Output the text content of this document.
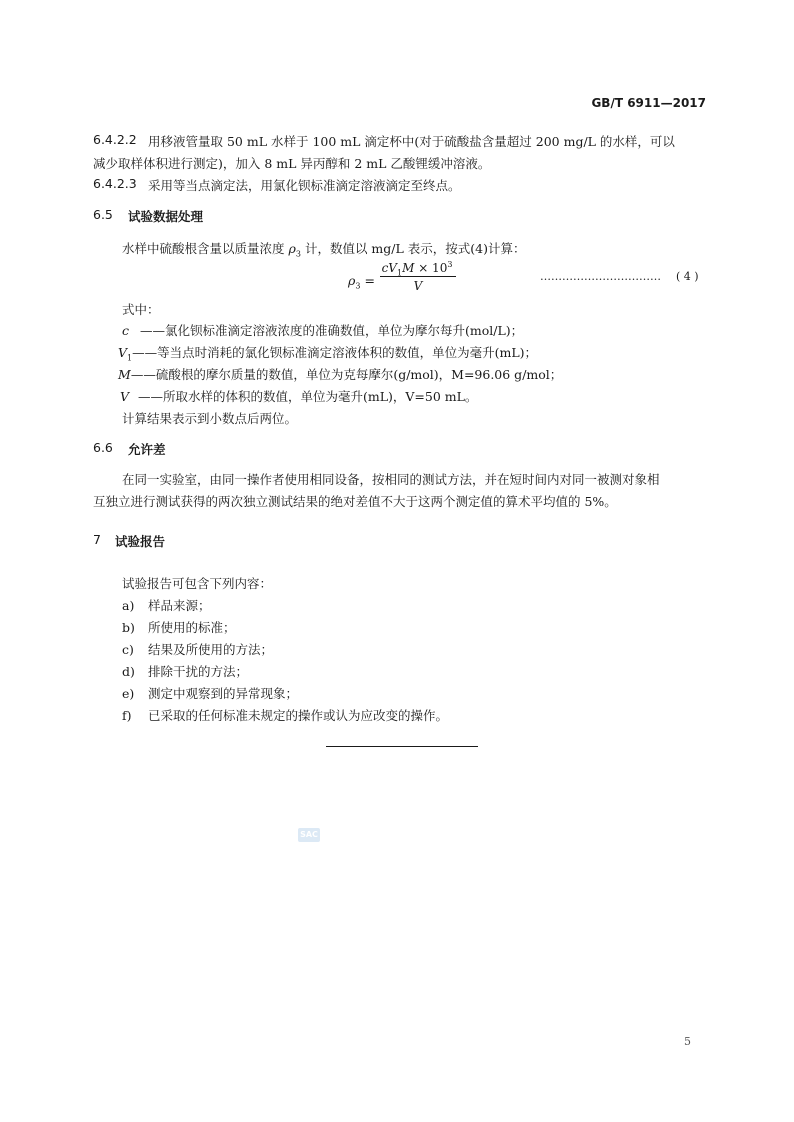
GB/T 6911—2017
6.4.2.2 用移液管量取 50 mL 水样于 100 mL 滴定杯中(对于硫酸盐含量超过 200 mg/L 的水样，可以
减少取样体积进行测定)，加入 8 mL 异丙醇和 2 mL 乙酸锂缓冲溶液。
6.4.2.3 采用等当点滴定法，用氯化钡标准滴定溶液滴定至终点。
6.5 试验数据处理
水样中硫酸根含量以质量浓度 $\rho_3$ 计，数值以 mg/L 表示，按式(4)计算：
$\rho_3$ =
$cV_1M \times 10^3$
V
…………………………… ( 4 )
式中：
c ——氯化钡标准滴定溶液浓度的准确数值，单位为摩尔每升(mol/L)；
$V_1——$等当点时消耗的氯化钡标准滴定溶液体积的数值，单位为毫升(mL)；
M——硫酸根的摩尔质量的数值，单位为克每摩尔(g/mol)，M=96.06 g/mol；
V ——所取水样的体积的数值，单位为毫升(mL)，V=50 mL。
计算结果表示到小数点后两位。
6.6 允许差
在同一实验室，由同一操作者使用相同设备，按相同的测试方法，并在短时间内对同一被测对象相
互独立进行测试获得的两次独立测试结果的绝对差值不大于这两个测定值的算术平均值的 5%。
7 试验报告
试验报告可包含下列内容：
a) 样品来源；
b) 所使用的标准；
c) 结果及所使用的方法；
d) 排除干扰的方法；
e) 测定中观察到的异常现象；
f) 已采取的任何标准未规定的操作或认为应改变的操作。
SAC
5
